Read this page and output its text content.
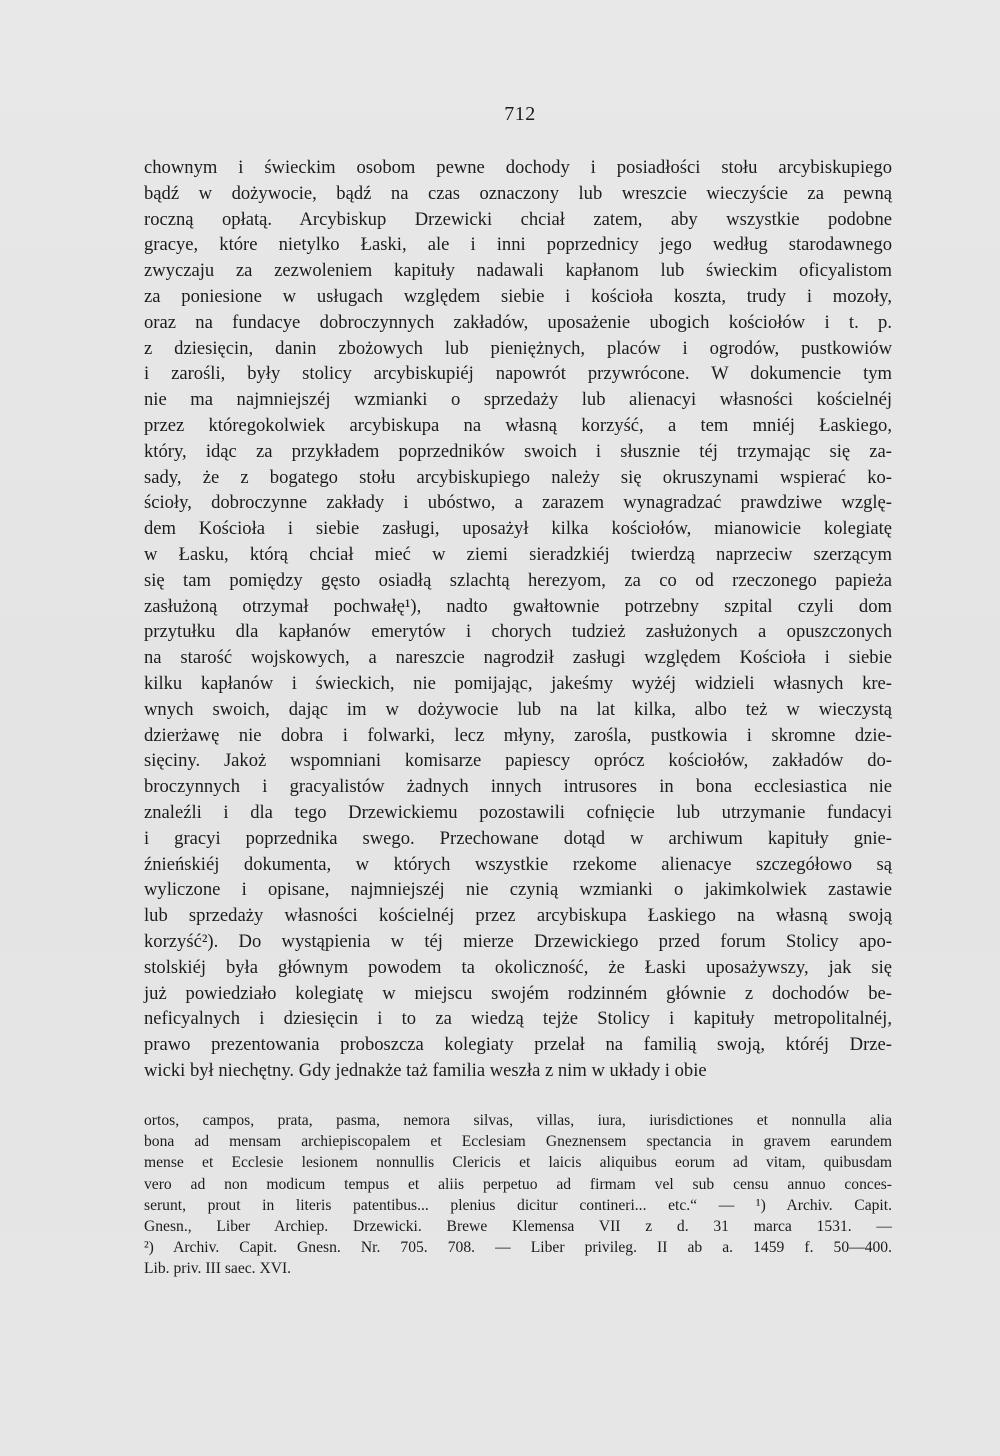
712
chownym i świeckim osobom pewne dochody i posiadłości stołu arcybiskupiego
bądź w dożywocie, bądź na czas oznaczony lub wreszcie wieczyście za pewną
roczną opłatą. Arcybiskup Drzewicki chciał zatem, aby wszystkie podobne
gracye, które nietylko Łaski, ale i inni poprzednicy jego według starodawnego
zwyczaju za zezwoleniem kapituły nadawali kapłanom lub świeckim oficyalistom
za poniesione w usługach względem siebie i kościoła koszta, trudy i mozoły,
oraz na fundacye dobroczynnych zakładów, uposażenie ubogich kościołów i t. p.
z dziesięcin, danin zbożowych lub pieniężnych, placów i ogrodów, pustkowiów
i zarośli, były stolicy arcybiskupiéj napowrót przywrócone. W dokumencie tym
nie ma najmniejszéj wzmianki o sprzedaży lub alienacyi własności kościelnéj
przez któregokolwiek arcybiskupa na własną korzyść, a tem mniéj Łaskiego,
który, idąc za przykładem poprzedników swoich i słusznie téj trzymając się za-
sady, że z bogatego stołu arcybiskupiego należy się okruszynami wspierać ko-
ścioły, dobroczynne zakłady i ubóstwo, a zarazem wynagradzać prawdziwe wzglę-
dem Kościoła i siebie zasługi, uposażył kilka kościołów, mianowicie kolegiatę
w Łasku, którą chciał mieć w ziemi sieradzkiéj twierdzą naprzeciw szerzącym
się tam pomiędzy gęsto osiadłą szlachtą herezyom, za co od rzeczonego papieża
zasłużoną otrzymał pochwałę¹), nadto gwałtownie potrzebny szpital czyli dom
przytułku dla kapłanów emerytów i chorych tudzież zasłużonych a opuszczonych
na starość wojskowych, a nareszcie nagrodził zasługi względem Kościoła i siebie
kilku kapłanów i świeckich, nie pomijając, jakeśmy wyżéj widzieli własnych kre-
wnych swoich, dając im w dożywocie lub na lat kilka, albo też w wieczystą
dzierżawę nie dobra i folwarki, lecz młyny, zarośla, pustkowia i skromne dzie-
sięciny. Jakoż wspomniani komisarze papiescy oprócz kościołów, zakładów do-
broczynnych i gracyalistów żadnych innych intrusores in bona ecclesiastica nie
znaleźli i dla tego Drzewickiemu pozostawili cofnięcie lub utrzymanie fundacyi
i gracyi poprzednika swego. Przechowane dotąd w archiwum kapituły gnie-
źnieńskiéj dokumenta, w których wszystkie rzekome alienacye szczegółowo są
wyliczone i opisane, najmniejszéj nie czynią wzmianki o jakimkolwiek zastawie
lub sprzedaży własności kościelnéj przez arcybiskupa Łaskiego na własną swoją
korzyść²). Do wystąpienia w téj mierze Drzewickiego przed forum Stolicy apo-
stolskiéj była głównym powodem ta okoliczność, że Łaski uposażywszy, jak się
już powiedziało kolegiatę w miejscu swojém rodzinném głównie z dochodów be-
neficyalnych i dziesięcin i to za wiedzą tejże Stolicy i kapituły metropolitalnéj,
prawo prezentowania proboszcza kolegiaty przelał na familią swoją, któréj Drze-
wicki był niechętny. Gdy jednakże taż familia weszła z nim w układy i obie
ortos, campos, prata, pasma, nemora silvas, villas, iura, iurisdictiones et nonnulla alia
bona ad mensam archiepiscopalem et Ecclesiam Gneznensem spectancia in gravem earundem
mense et Ecclesie lesionem nonnullis Clericis et laicis aliquibus eorum ad vitam, quibusdam
vero ad non modicum tempus et aliis perpetuo ad firmam vel sub censu annuo conces-
serunt, prout in literis patentibus... plenius dicitur contineri... etc.“ — ¹) Archiv. Capit.
Gnesn., Liber Archiep. Drzewicki. Brewe Klemensa VII z d. 31 marca 1531. —
²) Archiv. Capit. Gnesn. Nr. 705. 708. — Liber privileg. II ab a. 1459 f. 50—400.
Lib. priv. III saec. XVI.
